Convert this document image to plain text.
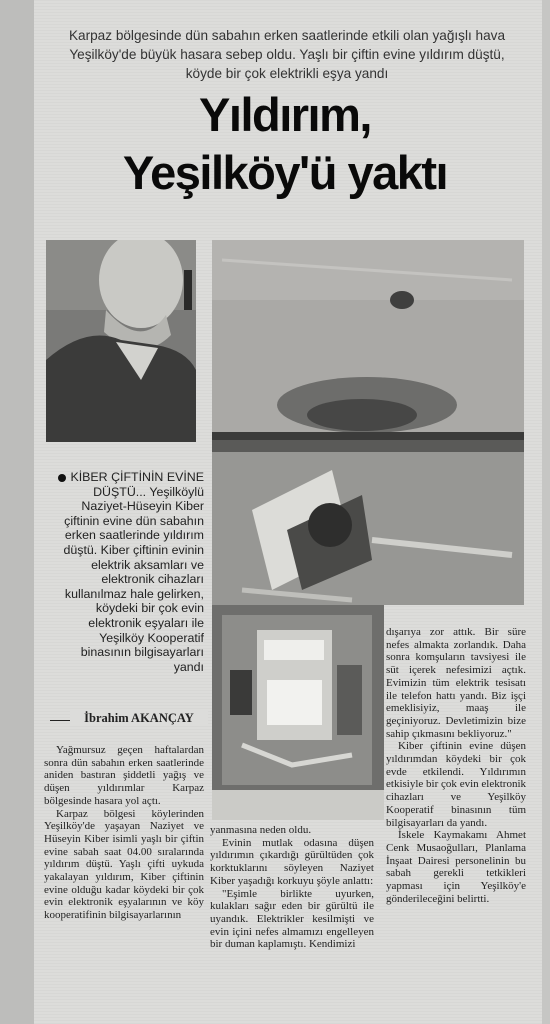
Karpaz bölgesinde dün sabahın erken saatlerinde etkili olan yağışlı hava Yeşilköy'de büyük hasara sebep oldu. Yaşlı bir çiftin evine yıldırım düştü, köyde bir çok elektrikli eşya yandı
Yıldırım,
Yeşilköy'ü yaktı
KİBER ÇİFTİNİN EVİNE DÜŞTÜ... Yeşilköylü Naziyet-Hüseyin Kiber çiftinin evine dün sabahın erken saatlerinde yıldırım düştü. Kiber çiftinin evinin elektrik aksamları ve elektronik cihazları kullanılmaz hale gelirken, köydeki bir çok evin elektronik eşyaları ile Yeşilköy Kooperatif binasının bilgisayarları yandı
İbrahim AKANÇAY

Yağmursuz geçen haftalardan sonra dün sabahın erken saatlerinde aniden bastıran şiddetli yağış ve düşen yıldırımlar Karpaz bölgesinde hasara yol açtı.

Karpaz bölgesi köylerinden Yeşilköy'de yaşayan Naziyet ve Hüseyin Kiber isimli yaşlı bir çiftin evine sabah saat 04.00 sıralarında yıldırım düştü. Yaşlı çifti uykuda yakalayan yıldırım, Kiber çiftinin evine olduğu kadar köydeki bir çok evin elektronik eşyalarının ve köy kooperatifinin bilgisayarlarının

yanmasına neden oldu.

Evinin mutlak odasına düşen yıldırımın çıkardığı gürültüden çok korktuklarını söyleyen Naziyet Kiber yaşadığı korkuyu şöyle anlattı:

"Eşimle birlikte uyurken, kulakları sağır eden bir gürültü ile uyandık. Elektrikler kesilmişti ve evin içini nefes almamızı engelleyen bir duman kaplamıştı. Kendimizi

dışarıya zor attık. Bir süre nefes almakta zorlandık. Daha sonra komşuların tavsiyesi ile süt içerek nefesimizi açtık. Evimizin tüm elektrik tesisatı ile telefon hattı yandı. Biz işçi emeklisiyiz, maaş ile geçiniyoruz. Devletimizin bize sahip çıkmasını bekliyoruz."

Kiber çiftinin evine düşen yıldırımdan köydeki bir çok evde etkilendi. Yıldırımın etkisiyle bir çok evin elektronik cihazları ve Yeşilköy Kooperatif binasının tüm bilgisayarları da yandı.

İskele Kaymakamı Ahmet Cenk Musaoğulları, Planlama İnşaat Dairesi personelinin bu sabah gerekli tetkikleri yapması için Yeşilköy'e gönderileceğini belirtti.
